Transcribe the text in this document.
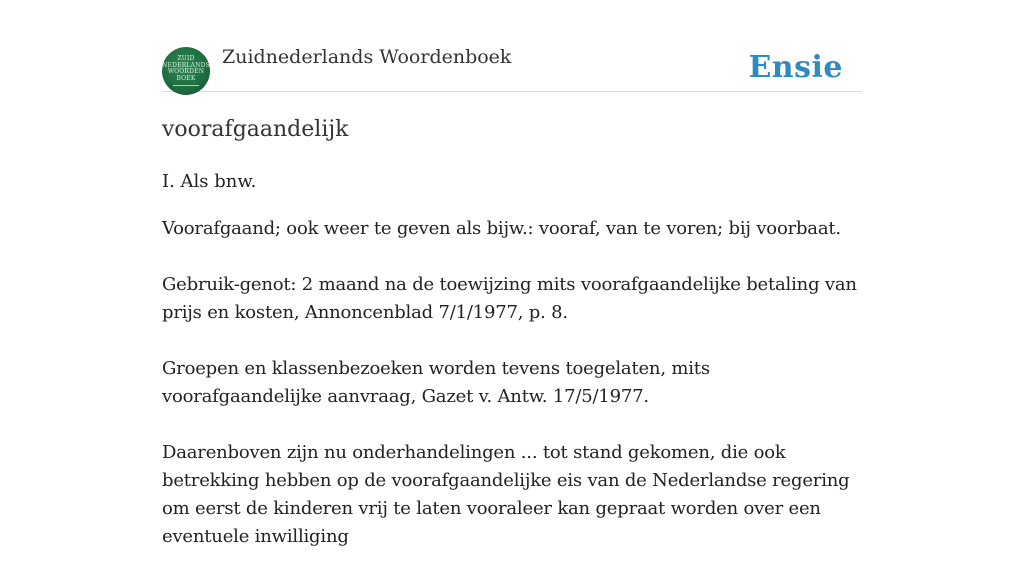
ZUID
NEDERLANDS
WOORDEN
BOEK
Zuidnederlands Woordenboek	Ensie
voorafgaandelijk
I. Als bnw.
Voorafgaand; ook weer te geven als bijw.: vooraf, van te voren; bij voorbaat.
Gebruik-genot: 2 maand na de toewijzing mits voorafgaandelijke betaling van prijs en kosten, Annoncenblad 7/1/1977, p. 8.
Groepen en klassenbezoeken worden tevens toegelaten, mits voorafgaandelijke aanvraag, Gazet v. Antw. 17/5/1977.
Daarenboven zijn nu onderhandelingen ... tot stand gekomen, die ook betrekking hebben op de voorafgaandelijke eis van de Nederlandse regering om eerst de kinderen vrij te laten vooraleer kan gepraat worden over een eventuele inwilliging
